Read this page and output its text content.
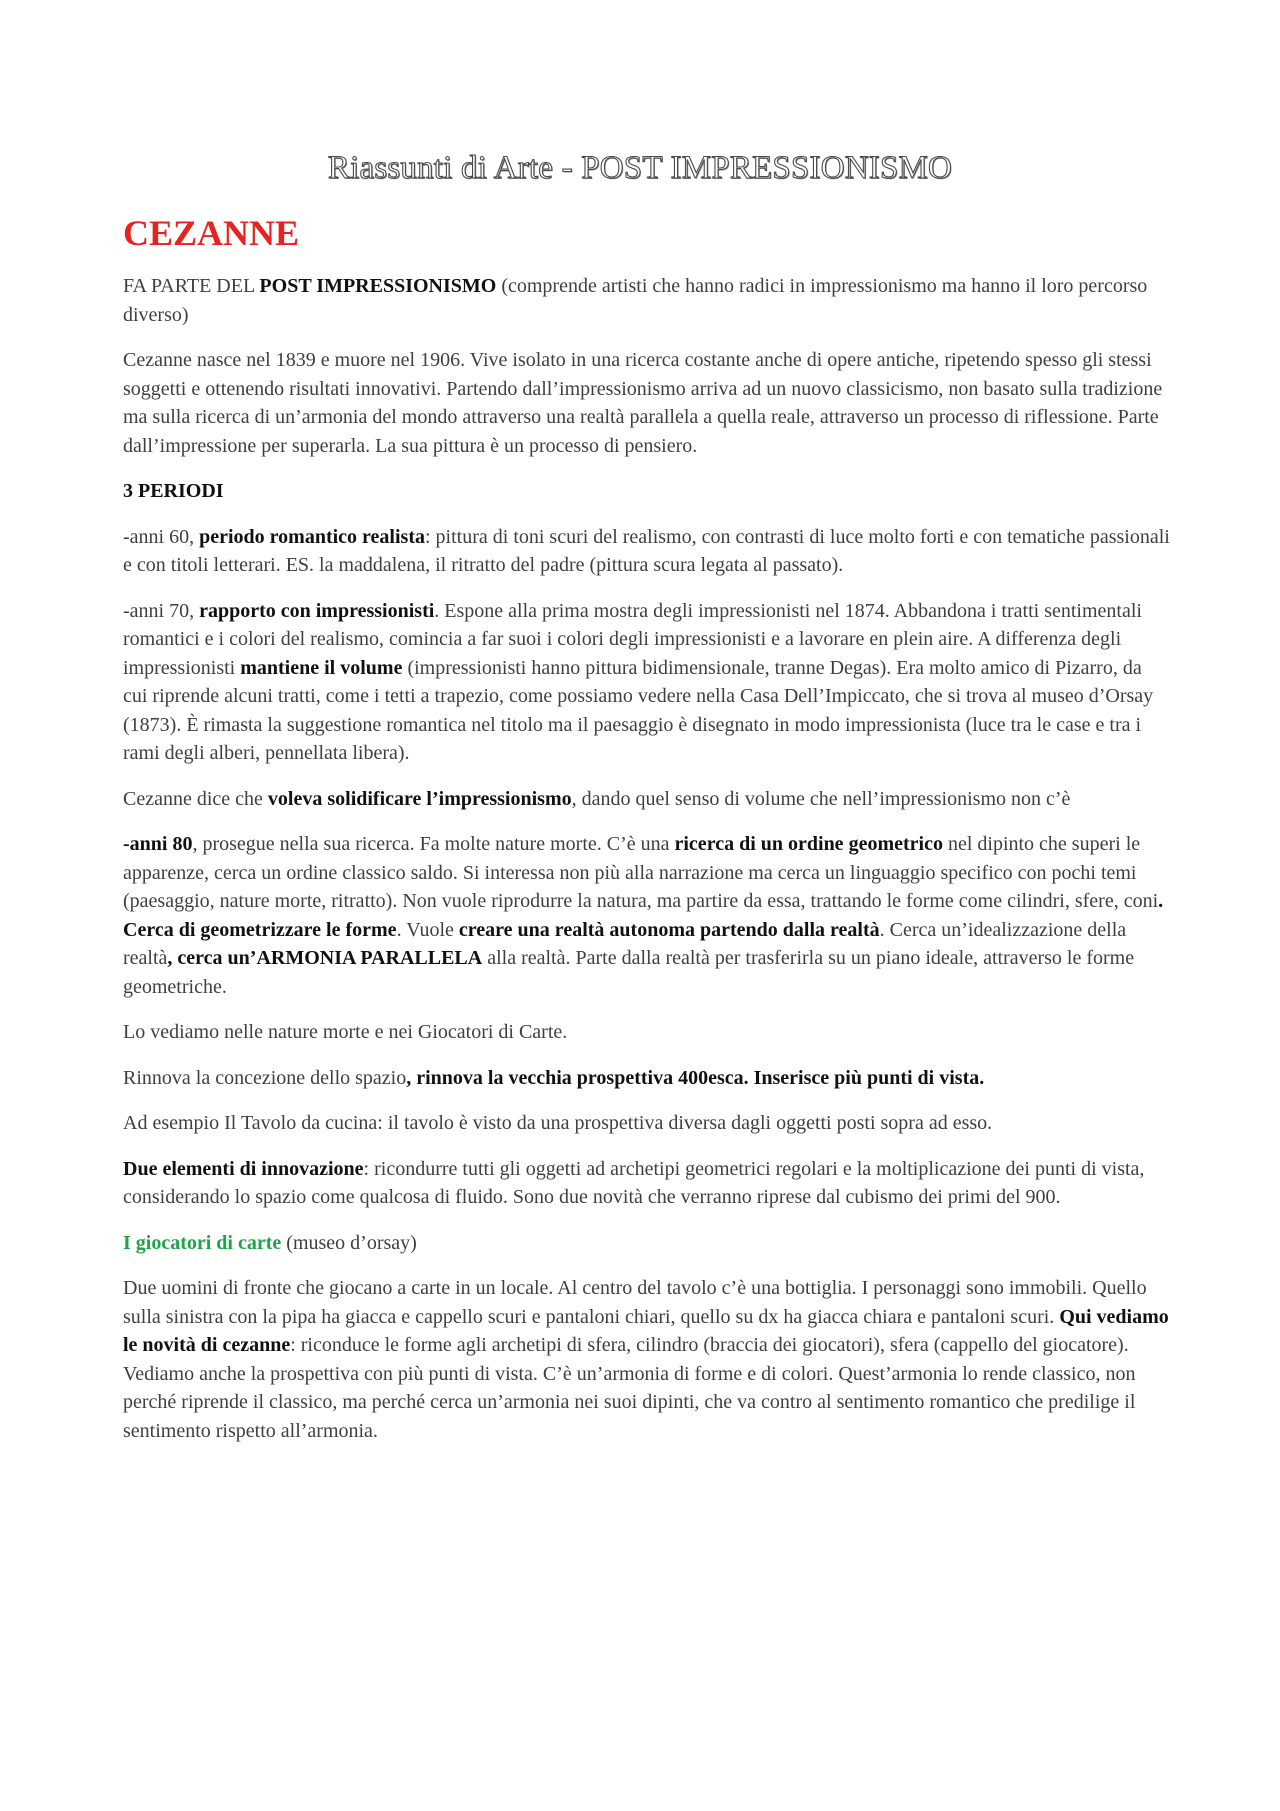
Riassunti di Arte - POST IMPRESSIONISMO
CEZANNE

FA PARTE DEL POST IMPRESSIONISMO (comprende artisti che hanno radici in impressionismo ma hanno il loro percorso diverso)

Cezanne nasce nel 1839 e muore nel 1906. Vive isolato in una ricerca costante anche di opere antiche, ripetendo spesso gli stessi soggetti e ottenendo risultati innovativi. Partendo dall’impressionismo arriva ad un nuovo classicismo, non basato sulla tradizione ma sulla ricerca di un’armonia del mondo attraverso una realtà parallela a quella reale, attraverso un processo di riflessione. Parte dall’impressione per superarla. La sua pittura è un processo di pensiero.

3 PERIODI

-anni 60, periodo romantico realista: pittura di toni scuri del realismo, con contrasti di luce molto forti e con tematiche passionali e con titoli letterari. ES. la maddalena, il ritratto del padre (pittura scura legata al passato).

-anni 70, rapporto con impressionisti. Espone alla prima mostra degli impressionisti nel 1874. Abbandona i tratti sentimentali romantici e i colori del realismo, comincia a far suoi i colori degli impressionisti e a lavorare en plein aire. A differenza degli impressionisti mantiene il volume (impressionisti hanno pittura bidimensionale, tranne Degas). Era molto amico di Pizarro, da cui riprende alcuni tratti, come i tetti a trapezio, come possiamo vedere nella Casa Dell’Impiccato, che si trova al museo d’Orsay (1873). È rimasta la suggestione romantica nel titolo ma il paesaggio è disegnato in modo impressionista (luce tra le case e tra i rami degli alberi, pennellata libera).

Cezanne dice che voleva solidificare l’impressionismo, dando quel senso di volume che nell’impressionismo non c’è

-anni 80, prosegue nella sua ricerca. Fa molte nature morte. C’è una ricerca di un ordine geometrico nel dipinto che superi le apparenze, cerca un ordine classico saldo. Si interessa non più alla narrazione ma cerca un linguaggio specifico con pochi temi (paesaggio, nature morte, ritratto). Non vuole riprodurre la natura, ma partire da essa, trattando le forme come cilindri, sfere, coni. Cerca di geometrizzare le forme. Vuole creare una realtà autonoma partendo dalla realtà. Cerca un’idealizzazione della realtà, cerca un’ARMONIA PARALLELA alla realtà. Parte dalla realtà per trasferirla su un piano ideale, attraverso le forme geometriche.

Lo vediamo nelle nature morte e nei Giocatori di Carte.

Rinnova la concezione dello spazio, rinnova la vecchia prospettiva 400esca. Inserisce più punti di vista.

Ad esempio Il Tavolo da cucina: il tavolo è visto da una prospettiva diversa dagli oggetti posti sopra ad esso.

Due elementi di innovazione: ricondurre tutti gli oggetti ad archetipi geometrici regolari e la moltiplicazione dei punti di vista, considerando lo spazio come qualcosa di fluido. Sono due novità che verranno riprese dal cubismo dei primi del 900.

I giocatori di carte (museo d’orsay)

Due uomini di fronte che giocano a carte in un locale. Al centro del tavolo c’è una bottiglia. I personaggi sono immobili. Quello sulla sinistra con la pipa ha giacca e cappello scuri e pantaloni chiari, quello su dx ha giacca chiara e pantaloni scuri. Qui vediamo le novità di cezanne: riconduce le forme agli archetipi di sfera, cilindro (braccia dei giocatori), sfera (cappello del giocatore). Vediamo anche la prospettiva con più punti di vista. C’è un’armonia di forme e di colori. Quest’armonia lo rende classico, non perché riprende il classico, ma perché cerca un’armonia nei suoi dipinti, che va contro al sentimento romantico che predilige il sentimento rispetto all’armonia.
